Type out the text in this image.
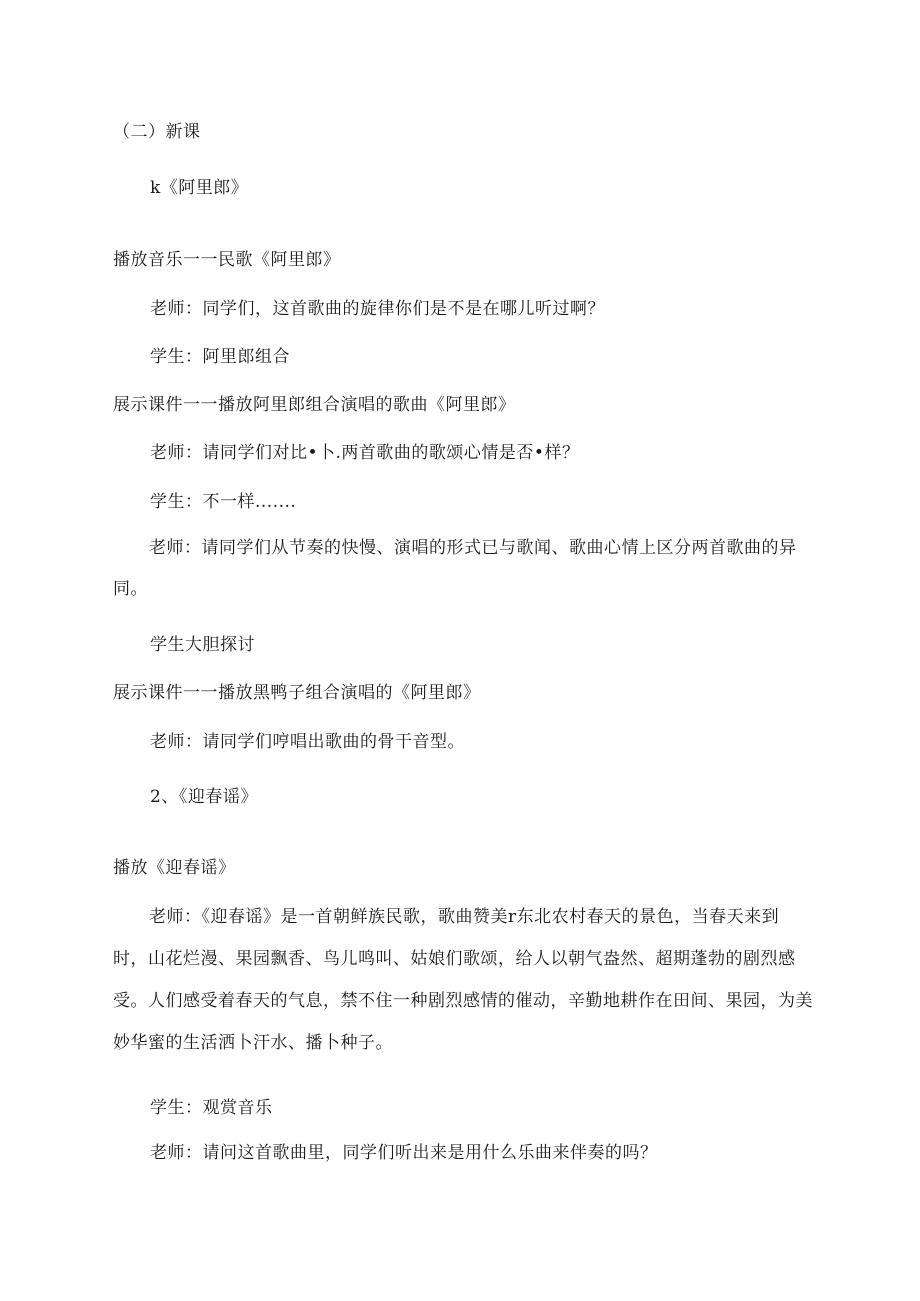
（二）新课
k《阿里郎》
播放音乐一一民歌《阿里郎》
老师：同学们，这首歌曲的旋律你们是不是在哪儿听过啊？
学生：阿里郎组合
展示课件一一播放阿里郎组合演唱的歌曲《阿里郎》
老师：请同学们对比•卜.两首歌曲的歌颂心情是否•样？
学生：不一样.......
老师：请同学们从节奏的快慢、演唱的形式已与歌闻、歌曲心情上区分两首歌曲的异同。
学生大胆探讨
展示课件一一播放黑鸭子组合演唱的《阿里郎》
老师：请同学们哼唱出歌曲的骨干音型。
2、《迎春谣》
播放《迎春谣》
老师：《迎春谣》是一首朝鲜族民歌，歌曲赞美r东北农村春天的景色，当春天来到时，山花烂漫、果园飘香、鸟儿鸣叫、姑娘们歌颂，给人以朝气盎然、超期蓬勃的剧烈感受。人们感受着春天的气息，禁不住一种剧烈感情的催动，辛勤地耕作在田间、果园，为美妙华蜜的生活洒卜汗水、播卜种子。
学生：观赏音乐
老师：请问这首歌曲里，同学们听出来是用什么乐曲来伴奏的吗？
